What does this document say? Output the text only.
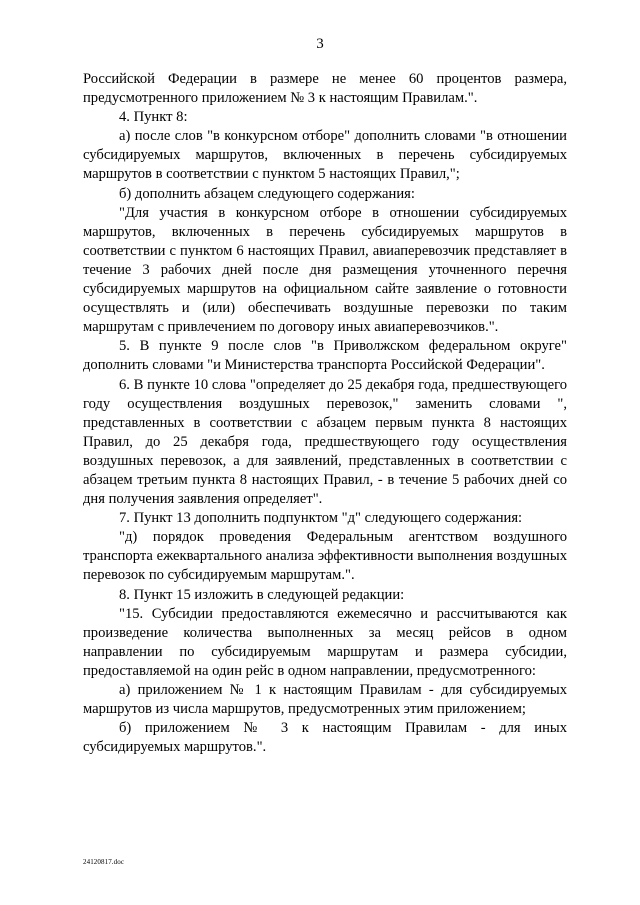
3

Российской Федерации в размере не менее 60 процентов размера, предусмотренного приложением № 3 к настоящим Правилам.".

4. Пункт 8:

а) после слов "в конкурсном отборе" дополнить словами "в отношении субсидируемых маршрутов, включенных в перечень субсидируемых маршрутов в соответствии с пунктом 5 настоящих Правил,";

б) дополнить абзацем следующего содержания:

"Для участия в конкурсном отборе в отношении субсидируемых маршрутов, включенных в перечень субсидируемых маршрутов в соответствии с пунктом 6 настоящих Правил, авиаперевозчик представляет в течение 3 рабочих дней после дня размещения уточненного перечня субсидируемых маршрутов на официальном сайте заявление о готовности осуществлять и (или) обеспечивать воздушные перевозки по таким маршрутам с привлечением по договору иных авиаперевозчиков.".

5. В пункте 9 после слов "в Приволжском федеральном округе" дополнить словами "и Министерства транспорта Российской Федерации".

6. В пункте 10 слова "определяет до 25 декабря года, предшествующего году осуществления воздушных перевозок," заменить словами ", представленных в соответствии с абзацем первым пункта 8 настоящих Правил, до 25 декабря года, предшествующего году осуществления воздушных перевозок, а для заявлений, представленных в соответствии с абзацем третьим пункта 8 настоящих Правил, - в течение 5 рабочих дней со дня получения заявления определяет".

7. Пункт 13 дополнить подпунктом "д" следующего содержания:

"д) порядок проведения Федеральным агентством воздушного транспорта ежеквартального анализа эффективности выполнения воздушных перевозок по субсидируемым маршрутам.".

8. Пункт 15 изложить в следующей редакции:

"15. Субсидии предоставляются ежемесячно и рассчитываются как произведение количества выполненных за месяц рейсов в одном направлении по субсидируемым маршрутам и размера субсидии, предоставляемой на один рейс в одном направлении, предусмотренного:

а) приложением № 1 к настоящим Правилам - для субсидируемых маршрутов из числа маршрутов, предусмотренных этим приложением;

б) приложением № 3 к настоящим Правилам - для иных субсидируемых маршрутов.".

24120817.doc
